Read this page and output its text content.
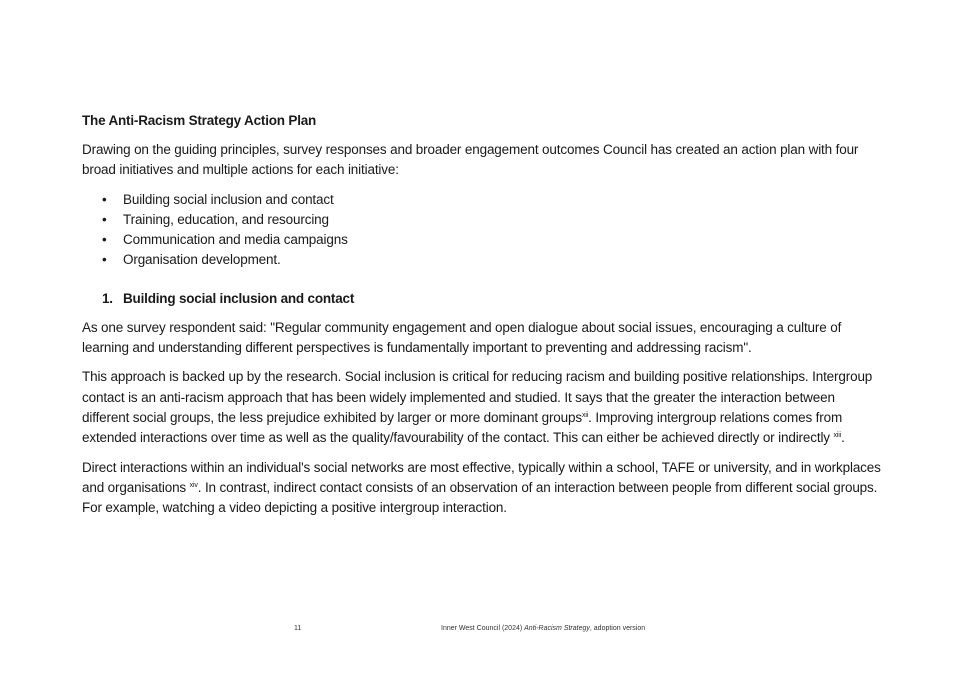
The Anti-Racism Strategy Action Plan

Drawing on the guiding principles, survey responses and broader engagement outcomes Council has created an action plan with four broad initiatives and multiple actions for each initiative:

• Building social inclusion and contact
• Training, education, and resourcing
• Communication and media campaigns
• Organisation development.
1. Building social inclusion and contact

As one survey respondent said: "Regular community engagement and open dialogue about social issues, encouraging a culture of learning and understanding different perspectives is fundamentally important to preventing and addressing racism".

This approach is backed up by the research. Social inclusion is critical for reducing racism and building positive relationships. Intergroup contact is an anti-racism approach that has been widely implemented and studied. It says that the greater the interaction between different social groups, the less prejudice exhibited by larger or more dominant groups$^{xii}$. Improving intergroup relations comes from extended interactions over time as well as the quality/favourability of the contact. This can either be achieved directly or indirectly $^{xiii}$.

Direct interactions within an individual's social networks are most effective, typically within a school, TAFE or university, and in workplaces and organisations $^{xiv}$. In contrast, indirect contact consists of an observation of an interaction between people from different social groups. For example, watching a video depicting a positive intergroup interaction.

11	Inner West Council (2024) Anti-Racism Strategy, adoption version
